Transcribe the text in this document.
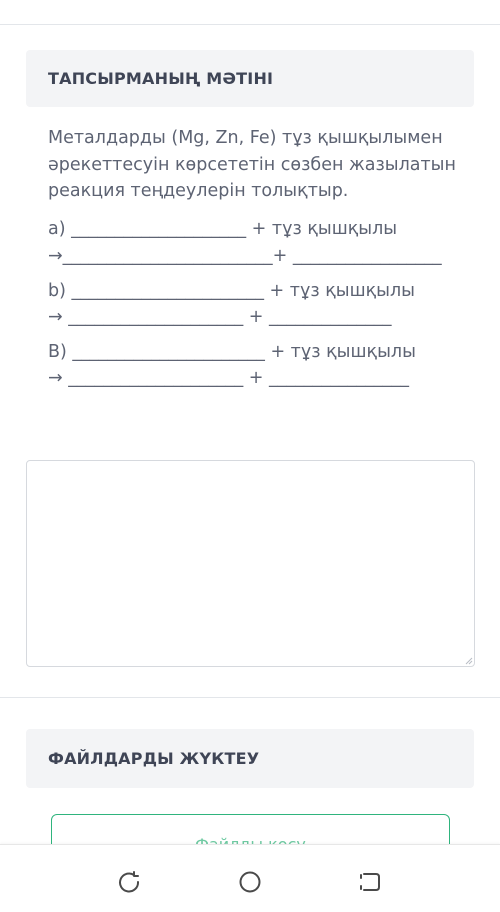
ТАПСЫРМАНЫҢ МӘТІНІ

Металдарды (Mg, Zn, Fe) тұз қышқылымен әрекеттесуін көрсететін сөзбен жазылатын реакция теңдеулерін толықтыр.

а) ____________________ + тұз қышқылы
→________________________+ _________________
b) ______________________ + тұз қышқылы
→ ____________________ + ______________
В) ______________________ + тұз қышқылы
→ ____________________ + ________________
ФАЙЛДАРДЫ ЖҮКТЕУ
